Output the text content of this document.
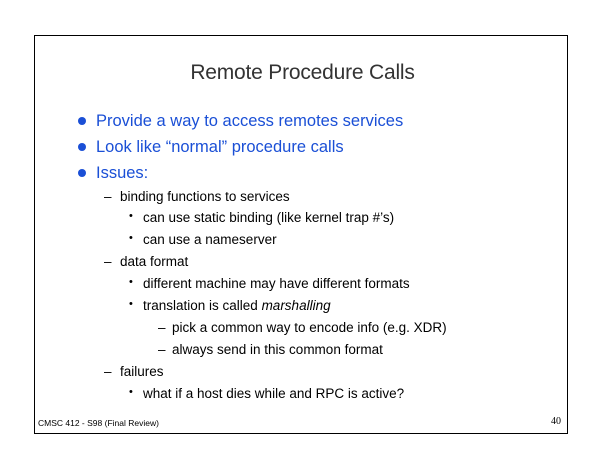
Remote Procedure Calls
Provide a way to access remotes services
Look like “normal” procedure calls
Issues:
– binding functions to services
• can use static binding (like kernel trap #’s)
• can use a nameserver
– data format
• different machine may have different formats
• translation is called marshalling
– pick a common way to encode info (e.g. XDR)
– always send in this common format
– failures
• what if a host dies while and RPC is active?
CMSC 412 - S98 (Final Review)	40
